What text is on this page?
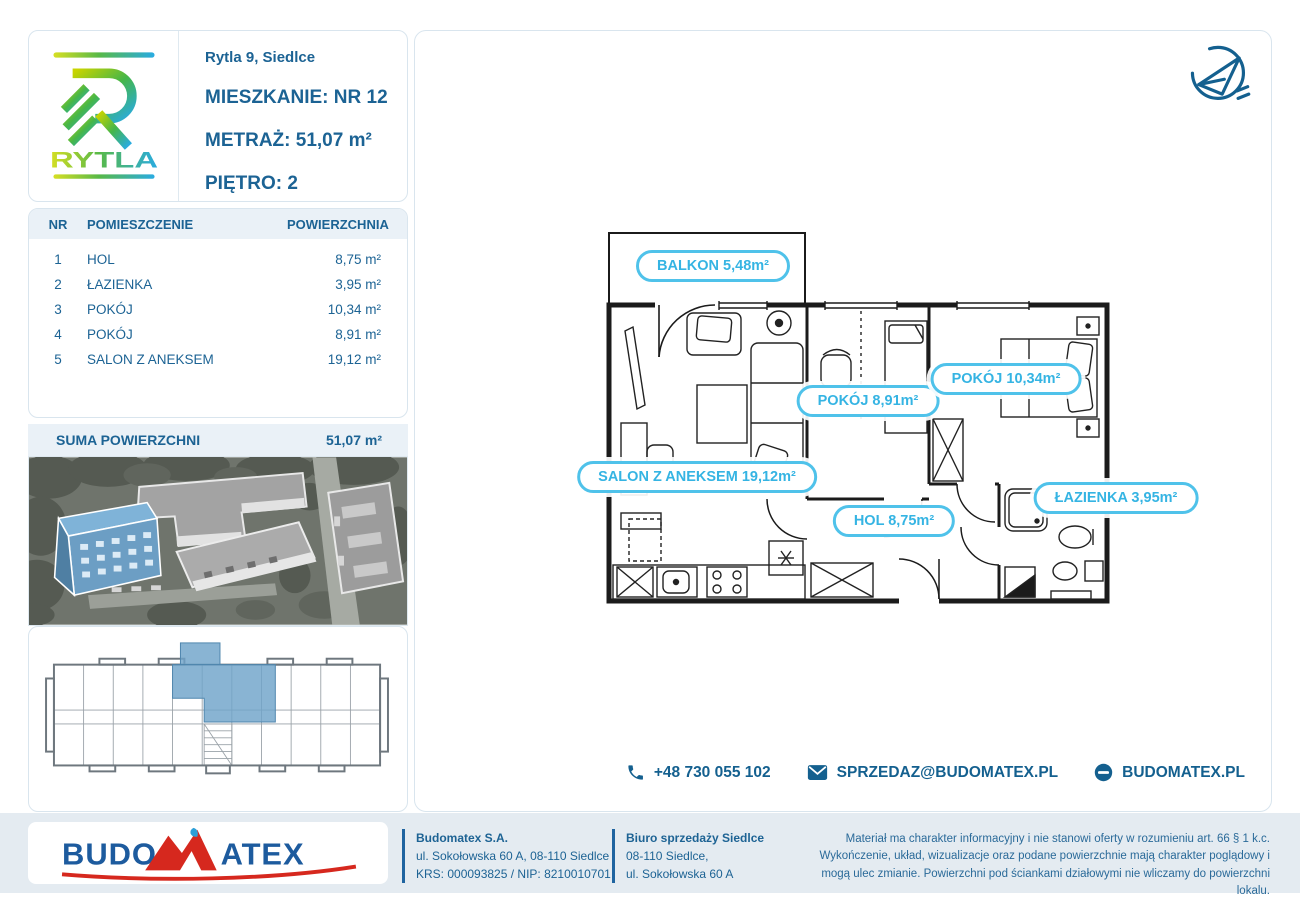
RYTLA
Rytla 9, Siedlce
MIESZKANIE: NR 12
METRAŻ: 51,07 m²
PIĘTRO: 2
NR	POMIESZCZENIE	POWIERZCHNIA
1	HOL	8,75 m²
2	ŁAZIENKA	3,95 m²
3	POKÓJ	10,34 m²
4	POKÓJ	8,91 m²
5	SALON Z ANEKSEM	19,12 m²
SUMA POWIERZCHNI	51,07 m²
BALKON 5,48m²
POKÓJ 8,91m²
POKÓJ 10,34m²
SALON Z ANEKSEM 19,12m²
HOL 8,75m²
ŁAZIENKA 3,95m²
+48 730 055 102	SPRZEDAZ@BUDOMATEX.PL	BUDOMATEX.PL
BUDO ATEX	Budomatex S.A.
ul. Sokołowska 60 A, 08-110 Siedlce
KRS: 000093825 / NIP: 8210010701
Biuro sprzedaży Siedlce
08-110 Siedlce,
ul. Sokołowska 60 A
Materiał ma charakter informacyjny i nie stanowi oferty w rozumieniu art. 66 § 1 k.c. Wykończenie, układ, wizualizacje oraz podane powierzchnie mają charakter poglądowy i mogą ulec zmianie. Powierzchni pod ściankami działowymi nie wliczamy do powierzchni lokalu.
